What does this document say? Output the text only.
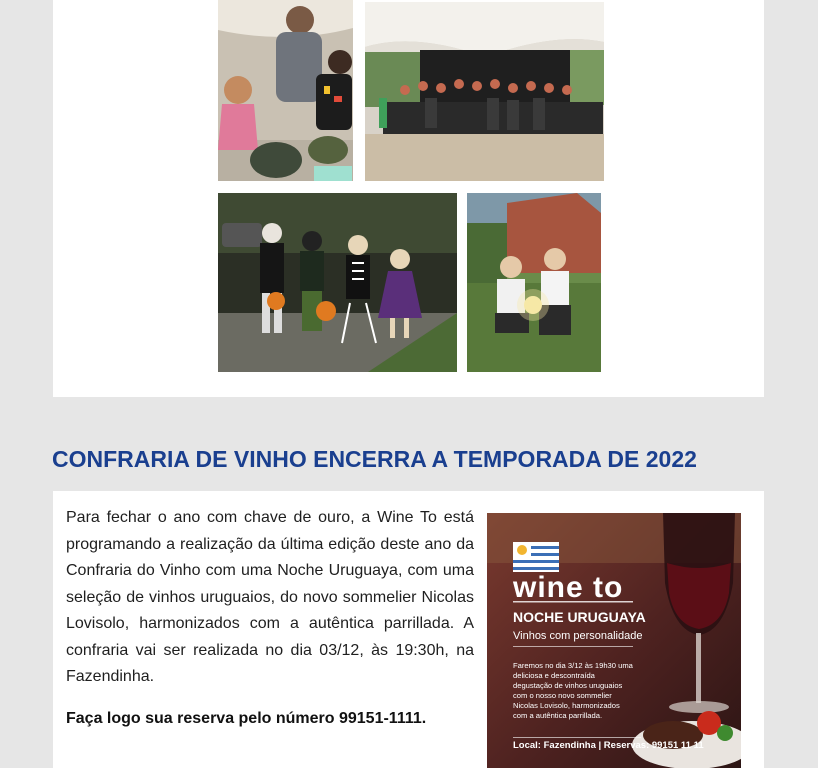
CONFRARIA DE VINHO ENCERRA A TEMPORADA DE 2022

Para fechar o ano com chave de ouro, a Wine To está programando a realização da última edição deste ano da Confraria do Vinho com uma Noche Uruguaya, com uma seleção de vinhos uruguaios, do novo sommelier Nicolas Lovisolo, harmonizados com a autêntica parrillada. A confraria vai ser realizada no dia 03/12, às 19:30h, na Fazendinha.

Faça logo sua reserva pelo número 99151-1111.

wine to
NOCHE URUGUAYA
Vinhos com personalidade
Faremos no dia 3/12 às 19h30 uma
deliciosa e descontraída
degustação de vinhos uruguaios
com o nosso novo sommelier
Nicolas Lovisolo, harmonizados
com a autêntica parrillada.
Local: Fazendinha | Reservas: 99151 11 11
